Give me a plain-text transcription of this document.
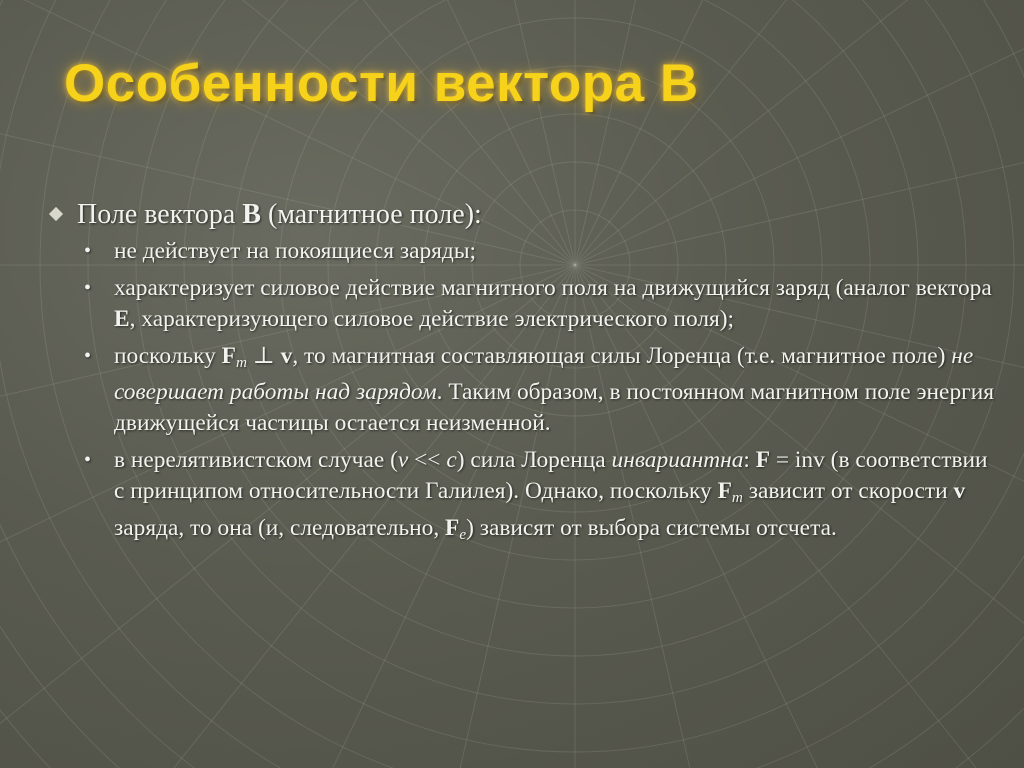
Особенности вектора B
Поле вектора B (магнитное поле):
• не действует на покоящиеся заряды;
• характеризует силовое действие магнитного поля на движущийся заряд (аналог вектора E, характеризующего силовое действие электрического поля);
• поскольку $F_m$ ⊥ v, то магнитная составляющая силы Лоренца (т.е. магнитное поле) не совершает работы над зарядом. Таким образом, в постоянном магнитном поле энергия движущейся частицы остается неизменной.
• в нерелятивистском случае (v << c) сила Лоренца инвариантна: F = inv (в соответствии с принципом относительности Галилея). Однако, поскольку $F_m$ зависит от скорости v заряда, то она (и, следовательно, $F_e$) зависят от выбора системы отсчета.
